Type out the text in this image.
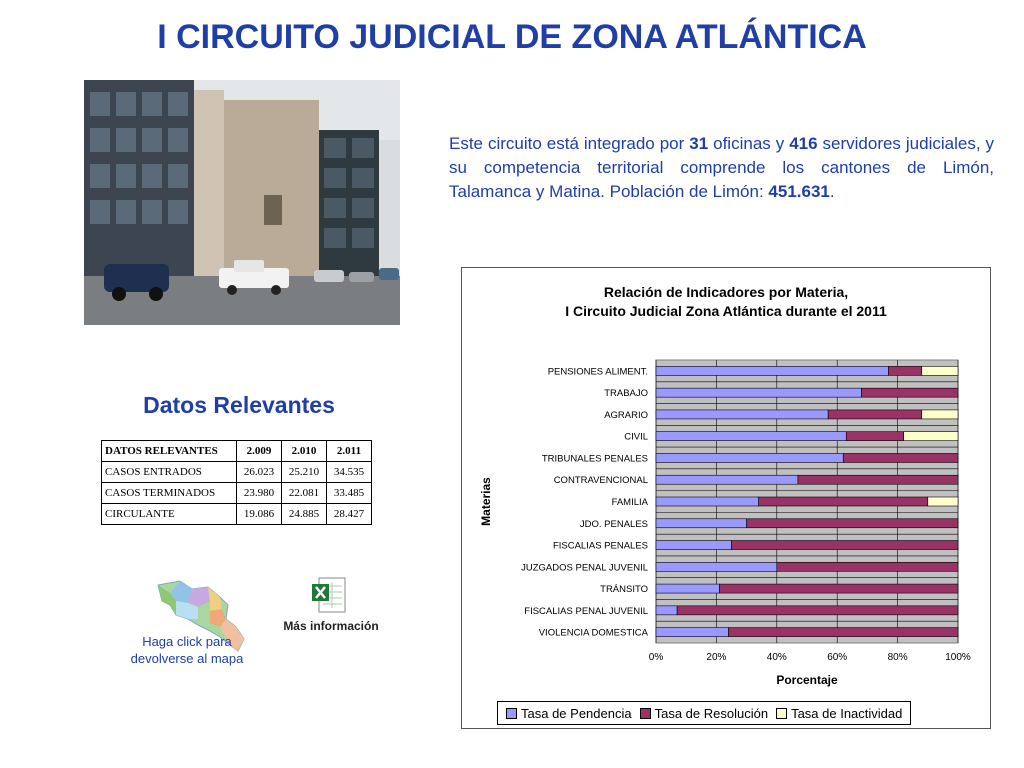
I CIRCUITO JUDICIAL DE ZONA ATLÁNTICA
Este circuito está integrado por 31 oficinas y 416 servidores judiciales, y su competencia territorial comprende los cantones de Limón, Talamanca y Matina. Población de Limón: 451.631.
Datos Relevantes
DATOS RELEVANTES	2.009	2.010	2.011
CASOS ENTRADOS	26.023	25.210	34.535
CASOS TERMINADOS	23.980	22.081	33.485
CIRCULANTE	19.086	24.885	28.427
Haga click para devolverse al mapa
Más información
Relación de Indicadores por Materia,
I Circuito Judicial Zona Atlántica durante el 2011
0%	20%	40%	60%	80%	100%
PENSIONES ALIMENT.
TRABAJO
AGRARIO
CIVIL
TRIBUNALES PENALES
CONTRAVENCIONAL
FAMILIA
JDO. PENALES
FISCALIAS PENALES
JUZGADOS PENAL JUVENIL
TRÁNSITO
FISCALIAS PENAL JUVENIL
VIOLENCIA DOMESTICA
Porcentaje
Materias
Tasa de Pendencia Tasa de Resolución Tasa de Inactividad
